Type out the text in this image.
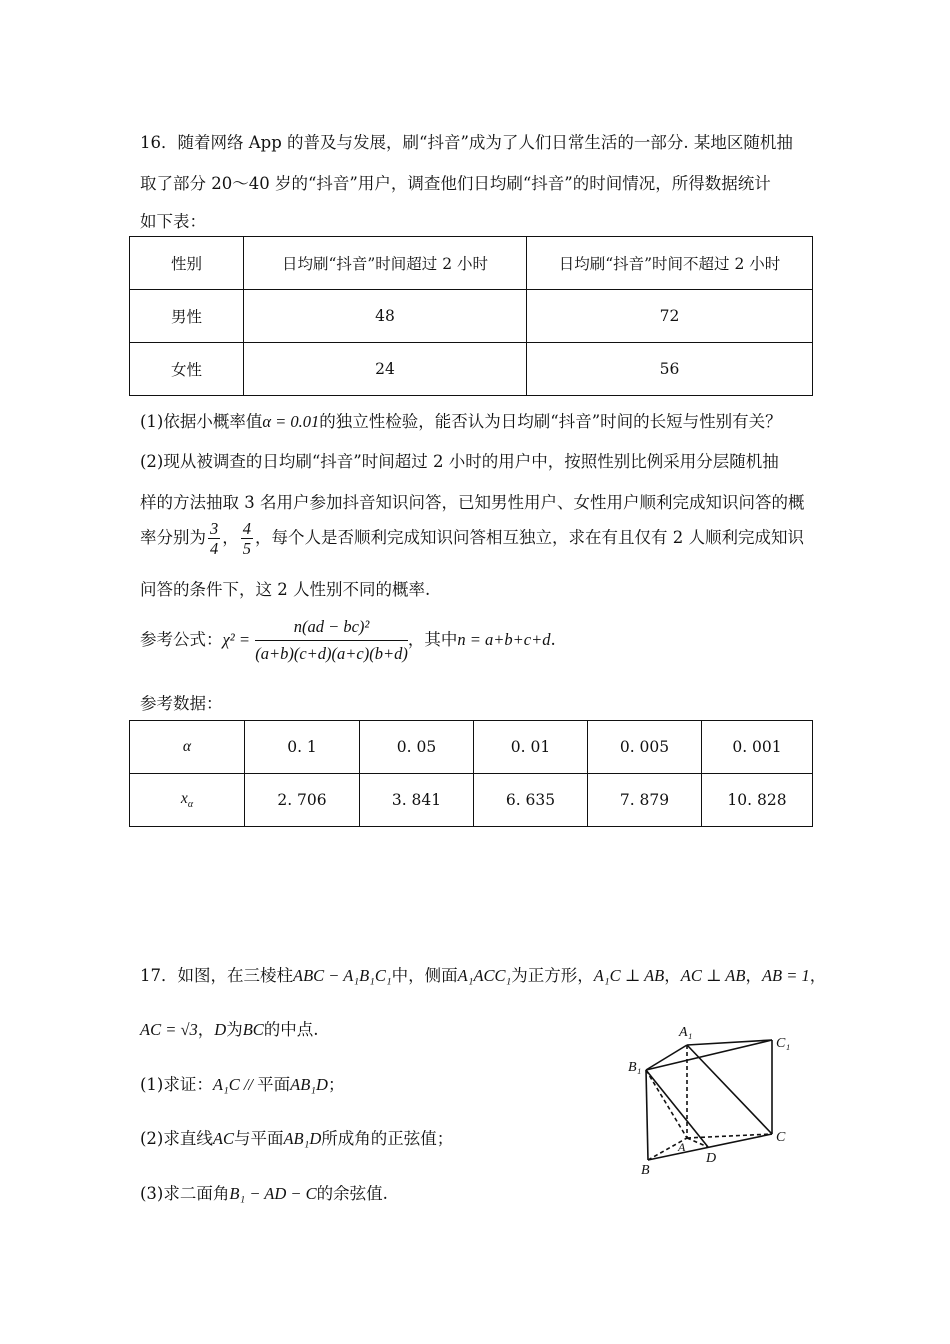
16．随着网络 App 的普及与发展，刷“抖音”成为了人们日常生活的一部分. 某地区随机抽
取了部分 20～40 岁的“抖音”用户，调查他们日均刷“抖音”的时间情况，所得数据统计
如下表：
性别	日均刷“抖音”时间超过 2 小时	日均刷“抖音”时间不超过 2 小时
男性	48	72
女性	24	56
(1)依据小概率值α = 0.01的独立性检验，能否认为日均刷“抖音”时间的长短与性别有关？
(2)现从被调查的日均刷“抖音”时间超过 2 小时的用户中，按照性别比例采用分层随机抽
样的方法抽取 3 名用户参加抖音知识问答，已知男性用户、女性用户顺利完成知识问答的概
率分别为 $\frac{3}{4}$ ， $\frac{4}{5}$ ，每个人是否顺利完成知识问答相互独立，求在有且仅有 2 人顺利完成知识
问答的条件下，这 2 人性别不同的概率.
参考公式：$\chi^2 = \frac{\text{n(ad − bc)²}}{(a+b)(c+d)(a+c)(b+d)}$ ，其中n = a+b+c+d.
参考数据：
α	0. 1	0. 05	0. 01	0. 005	0. 001
$x_\alpha$	2. 706	3. 841	6. 635	7. 879	10. 828
17．如图，在三棱柱ABC − A₁B₁C₁中，侧面A₁ACC₁为正方形，A₁C ⊥ AB，AC ⊥ AB，AB = 1，
AC = √3，D为BC的中点.
(1)求证：A₁C // 平面AB₁D；
(2)求直线AC与平面AB₁D所成角的正弦值；
(3)求二面角B₁ − AD − C的余弦值.
A₁
C₁
B₁
A
C
B
D
